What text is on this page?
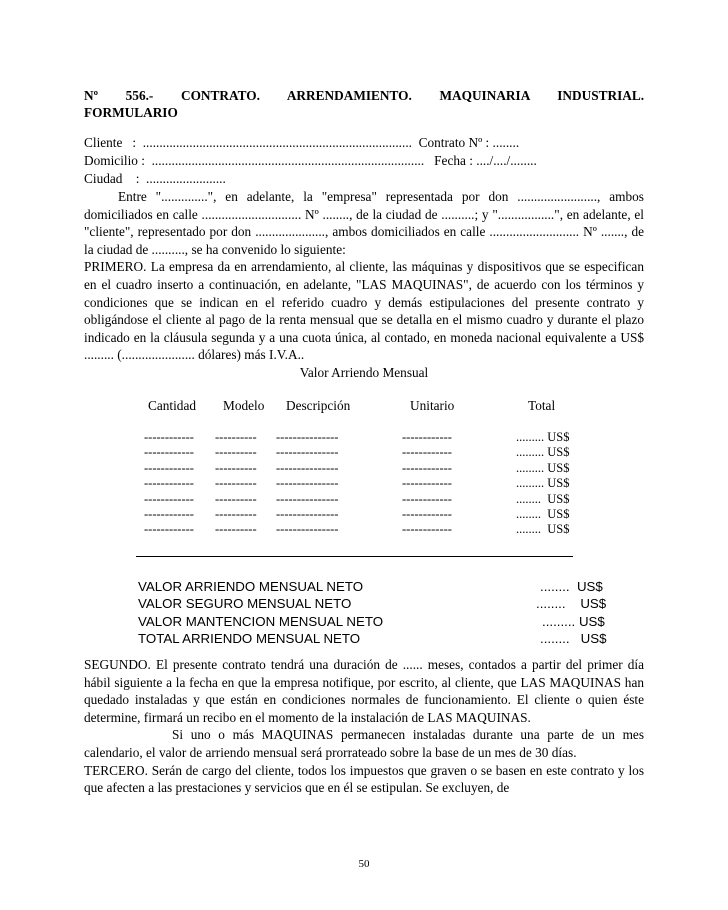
Nº 556.- CONTRATO. ARRENDAMIENTO. MAQUINARIA INDUSTRIAL.
FORMULARIO
Cliente   :  .................................................................................  Contrato Nº : ........
Domicilio :  ..................................................................................   Fecha : ..../..../........
Ciudad    :  ........................

Entre "..............", en adelante, la "empresa" representada por don ........................, ambos domiciliados en calle .............................. Nº ........, de la ciudad de ..........; y ".................", en adelante, el "cliente", representado por don ....................., ambos domiciliados en calle ........................... Nº ......., de la ciudad de .........., se ha convenido lo siguiente:

PRIMERO. La empresa da en arrendamiento, al cliente, las máquinas y dispositivos que se especifican en el cuadro inserto a continuación, en adelante, "LAS MAQUINAS", de acuerdo con los términos y condiciones que se indican en el referido cuadro y demás estipulaciones del presente contrato y obligándose el cliente al pago de la renta mensual que se detalla en el mismo cuadro y durante el plazo indicado en la cláusula segunda y a una cuota única, al contado, en moneda nacional equivalente a US$ ......... (...................... dólares) más I.V.A..

Valor Arriendo Mensual
Cantidad Modelo Descripción	Unitario	Total
------------ ---------- ---------------	------------	......... US$
------------ ---------- ---------------	------------	......... US$
------------ ---------- ---------------	------------	......... US$
------------ ---------- ---------------	------------	......... US$
------------ ---------- ---------------	------------	........  US$
------------ ---------- ---------------	------------	........  US$
------------ ---------- ---------------	------------	........  US$
VALOR ARRIENDO MENSUAL NETO	........  US$
VALOR SEGURO MENSUAL NETO	........    US$
VALOR MANTENCION MENSUAL NETO	......... US$
TOTAL ARRIENDO MENSUAL NETO	........   US$

SEGUNDO. El presente contrato tendrá una duración de ...... meses, contados a partir del primer día hábil siguiente a la fecha en que la empresa notifique, por escrito, al cliente, que LAS MAQUINAS han quedado instaladas y que están en condiciones normales de funcionamiento. El cliente o quien éste determine, firmará un recibo en el momento de la instalación de LAS MAQUINAS.

Si uno o más MAQUINAS permanecen instaladas durante una parte de un mes calendario, el valor de arriendo mensual será prorrateado sobre la base de un mes de 30 días.

TERCERO. Serán de cargo del cliente, todos los impuestos que graven o se basen en este contrato y los que afecten a las prestaciones y servicios que en él se estipulan. Se excluyen, de

50
